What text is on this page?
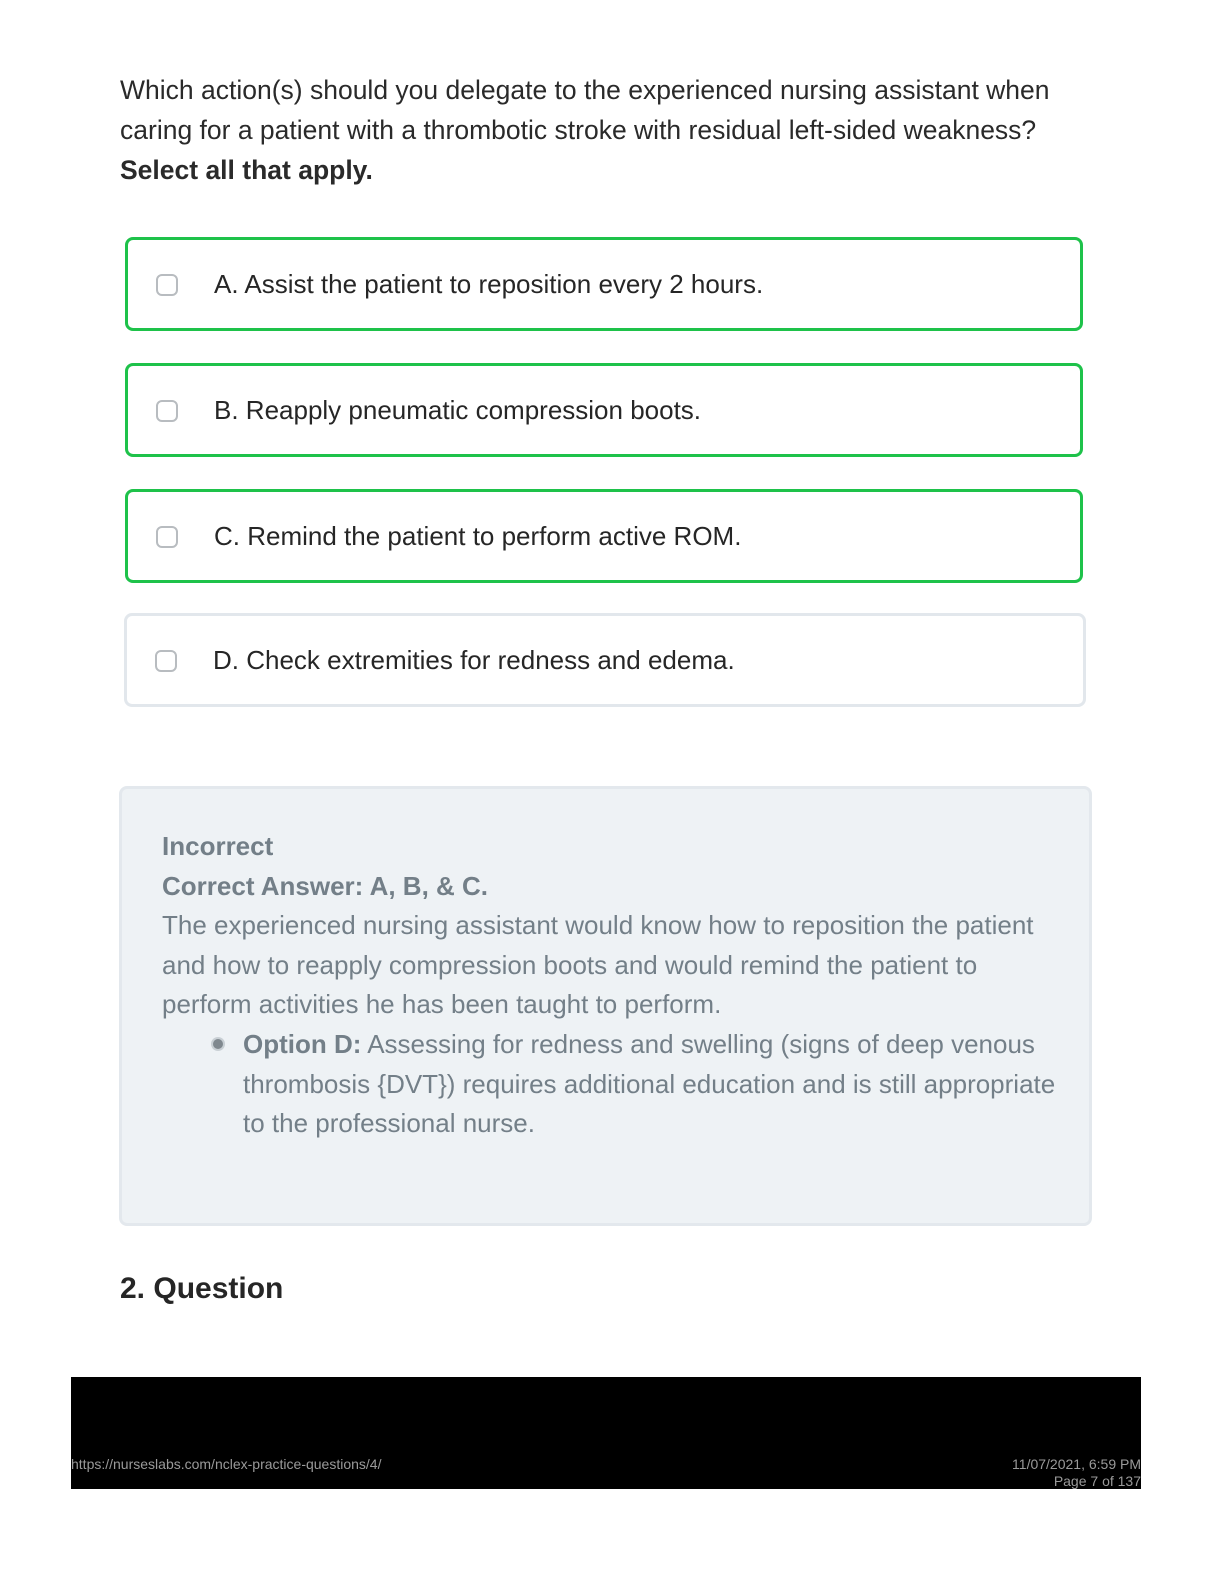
Which action(s) should you delegate to the experienced nursing assistant when caring for a patient with a thrombotic stroke with residual left-sided weakness?
Select all that apply.
A. Assist the patient to reposition every 2 hours.
B. Reapply pneumatic compression boots.
C. Remind the patient to perform active ROM.
D. Check extremities for redness and edema.
Incorrect
Correct Answer: A, B, & C.
The experienced nursing assistant would know how to reposition the patient and how to reapply compression boots and would remind the patient to perform activities he has been taught to perform.
Option D: Assessing for redness and swelling (signs of deep venous thrombosis {DVT}) requires additional education and is still appropriate to the professional nurse.
2. Question
https://nurseslabs.com/nclex-practice-questions/4/	11/07/2021, 6:59 PM
Page 7 of 137
